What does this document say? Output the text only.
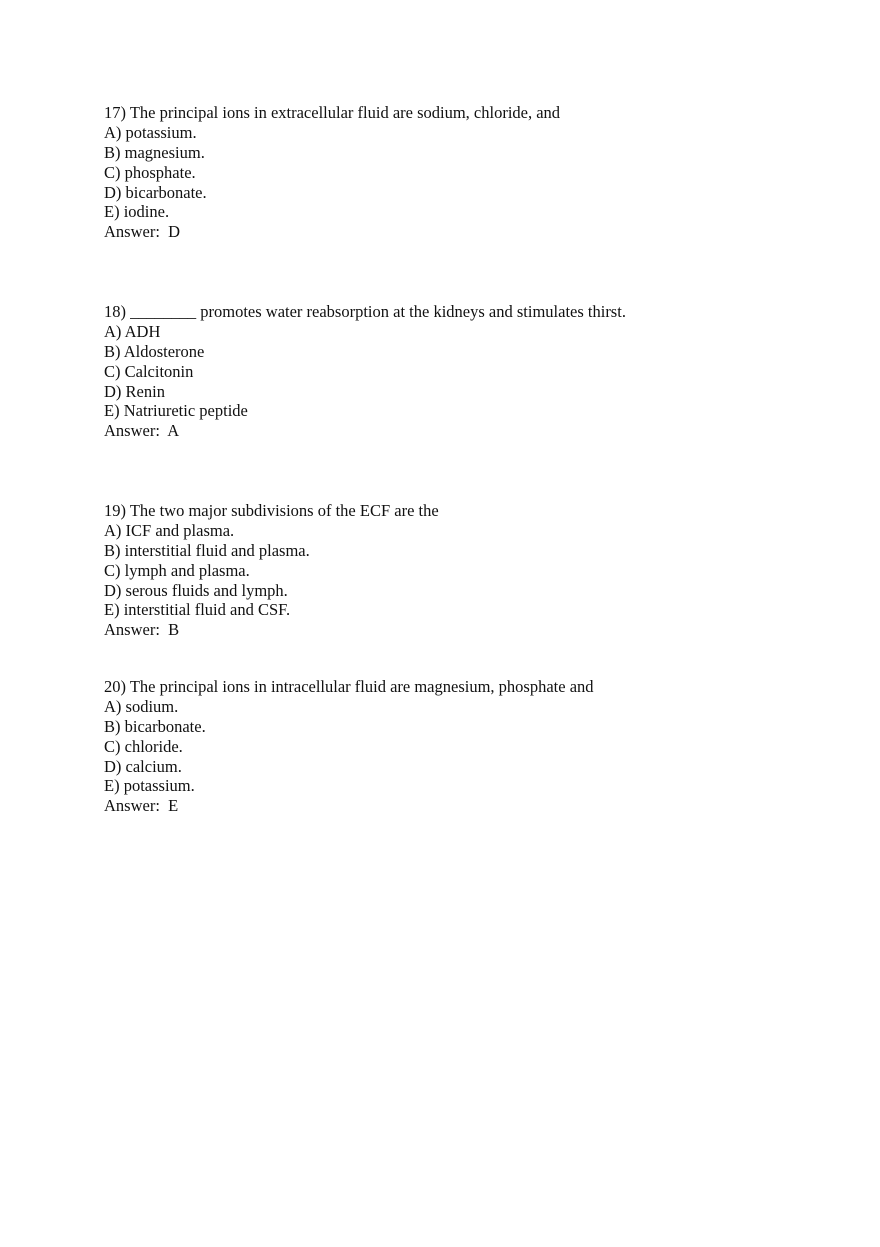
17) The principal ions in extracellular fluid are sodium, chloride, and
A) potassium.
B) magnesium.
C) phosphate.
D) bicarbonate.
E) iodine.
Answer:  D
18) ________ promotes water reabsorption at the kidneys and stimulates thirst.
A) ADH
B) Aldosterone
C) Calcitonin
D) Renin
E) Natriuretic peptide
Answer:  A
19) The two major subdivisions of the ECF are the
A) ICF and plasma.
B) interstitial fluid and plasma.
C) lymph and plasma.
D) serous fluids and lymph.
E) interstitial fluid and CSF.
Answer:  B
20) The principal ions in intracellular fluid are magnesium, phosphate and
A) sodium.
B) bicarbonate.
C) chloride.
D) calcium.
E) potassium.
Answer:  E
